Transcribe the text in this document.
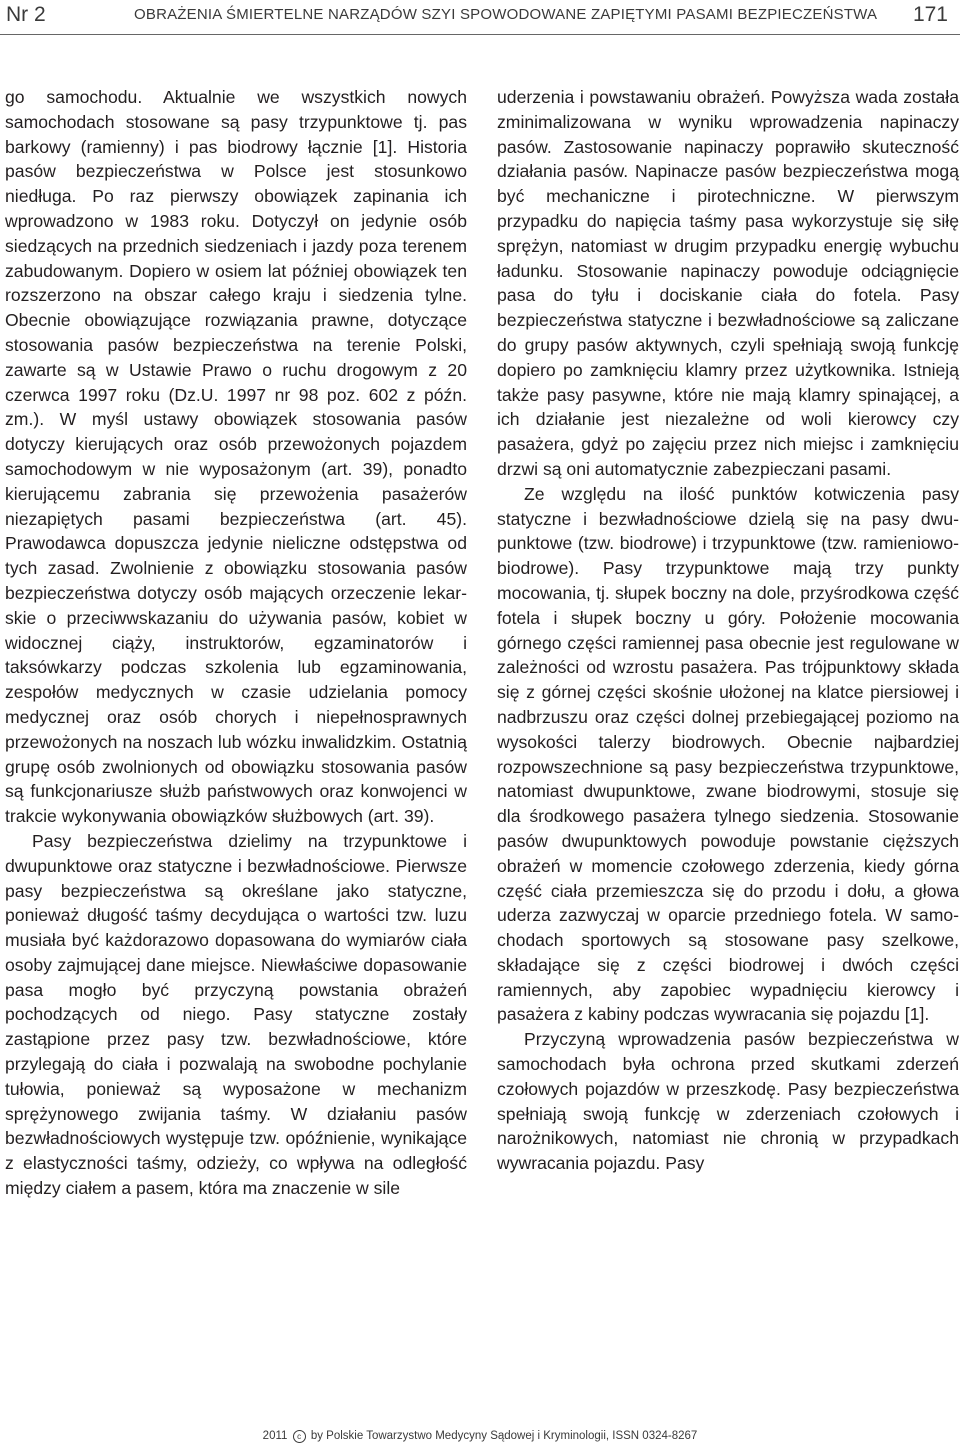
Nr 2	OBRAŻENIA ŚMIERTELNE NARZĄDÓW SZYI SPOWODOWANE ZAPIĘTYMI PASAMI BEZPIECZEŃSTWA 171

go samochodu. Aktualnie we wszystkich nowych samochodach stosowane są pasy trzypunktowe tj. pas barkowy (ramienny) i pas biodrowy łącznie [1]. Historia pasów bezpieczeństwa w Polsce jest stosunkowo niedługa. Po raz pierwszy obowiązek zapinania ich wprowadzono w 1983 roku. Dotyczył on jedynie osób siedzących na przednich siedzeniach i jazdy poza terenem zabudowanym. Dopiero w osiem lat później obowiązek ten rozszerzono na obszar całego kraju i siedzenia tylne. Obecnie obowiązujące rozwiązania prawne, dotyczące stosowania pasów bezpieczeństwa na terenie Polski, zawarte są w Ustawie Prawo o ruchu drogowym z 20 czerwca 1997 roku (Dz.U. 1997 nr 98 poz. 602 z późn. zm.). W myśl ustawy obowiązek stosowania pasów dotyczy kierujących oraz osób przewożonych pojazdem samochodowym w nie wyposażonym (art. 39), ponadto kierującemu zabrania się przewożenia pasażerów niezapiętych pasami bezpieczeństwa (art. 45). Prawodawca dopuszcza jedynie nieliczne odstępstwa od tych zasad. Zwolnienie z obowiązku stosowania pasów bezpieczeństwa dotyczy osób mających orzeczenie lekarskie o przeciwwskazaniu do używania pasów, kobiet w widocznej ciąży, instruktorów, egzaminatorów i taksówkarzy podczas szkolenia lub egzaminowania, zespołów medycznych w czasie udzielania pomocy medycznej oraz osób chorych i niepełnosprawnych przewożonych na noszach lub wózku inwalidzkim. Ostatnią grupę osób zwolnionych od obowiązku stosowania pasów są funkcjonariusze służb państwowych oraz konwojenci w trakcie wykonywania obowiązków służbowych (art. 39).

Pasy bezpieczeństwa dzielimy na trzypunktowe i dwupunktowe oraz statyczne i bezwładnościowe. Pierwsze pasy bezpieczeństwa są określane jako statyczne, ponieważ długość taśmy decydująca o wartości tzw. luzu musiała być każdorazowo dopasowana do wymiarów ciała osoby zajmującej dane miejsce. Niewłaściwe dopasowanie pasa mogło być przyczyną powstania obrażeń pochodzących od niego. Pasy statyczne zostały zastąpione przez pasy tzw. bezwładnościowe, które przylegają do ciała i pozwalają na swobodne pochylanie tułowia, ponieważ są wyposażone w mechanizm sprężynowego zwijania taśmy. W działaniu pasów bezwładnościowych występuje tzw. opóźnienie, wynikające z elastyczności taśmy, odzieży, co wpływa na odległość między ciałem a pasem, która ma znaczenie w sile

uderzenia i powstawaniu obrażeń. Powyższa wada została zminimalizowana w wyniku wprowadzenia napinaczy pasów. Zastosowanie napinaczy poprawiło skuteczność działania pasów. Napinacze pasów bezpieczeństwa mogą być mechaniczne i pirotechniczne. W pierwszym przypadku do napięcia taśmy pasa wykorzystuje się siłę sprężyn, natomiast w drugim przypadku energię wybuchu ładunku. Stosowanie napinaczy powoduje odciągnięcie pasa do tyłu i dociskanie ciała do fotela. Pasy bezpieczeństwa statyczne i bezwładnościowe są zaliczane do grupy pasów aktywnych, czyli spełniają swoją funkcję dopiero po zamknięciu klamry przez użytkownika. Istnieją także pasy pasywne, które nie mają klamry spinającej, a ich działanie jest niezależne od woli kierowcy czy pasażera, gdyż po zajęciu przez nich miejsc i zamknięciu drzwi są oni automatycznie zabezpieczani pasami.

Ze względu na ilość punktów kotwiczenia pasy statyczne i bezwładnościowe dzielą się na pasy dwupunktowe (tzw. biodrowe) i trzypunktowe (tzw. ramieniowo-biodrowe). Pasy trzypunktowe mają trzy punkty mocowania, tj. słupek boczny na dole, przyśrodkowa część fotela i słupek boczny u góry. Położenie mocowania górnego części ramiennej pasa obecnie jest regulowane w zależności od wzrostu pasażera. Pas trójpunktowy składa się z górnej części skośnie ułożonej na klatce piersiowej i nadbrzuszu oraz części dolnej przebiegającej poziomo na wysokości talerzy biodrowych. Obecnie najbardziej rozpowszechnione są pasy bezpieczeństwa trzypunktowe, natomiast dwupunktowe, zwane biodrowymi, stosuje się dla środkowego pasażera tylnego siedzenia. Stosowanie pasów dwupunktowych powoduje powstanie cięższych obrażeń w momencie czołowego zderzenia, kiedy górna część ciała przemieszcza się do przodu i dołu, a głowa uderza zazwyczaj w oparcie przedniego fotela. W samochodach sportowych są stosowane pasy szelkowe, składające się z części biodrowej i dwóch części ramiennych, aby zapobiec wypadnięciu kierowcy i pasażera z kabiny podczas wywracania się pojazdu [1].

Przyczyną wprowadzenia pasów bezpieczeństwa w samochodach była ochrona przed skutkami zderzeń czołowych pojazdów w przeszkodę. Pasy bezpieczeństwa spełniają swoją funkcję w zderzeniach czołowych i narożnikowych, natomiast nie chronią w przypadkach wywracania pojazdu. Pasy

2011 c by Polskie Towarzystwo Medycyny Sądowej i Kryminologii, ISSN 0324-8267
